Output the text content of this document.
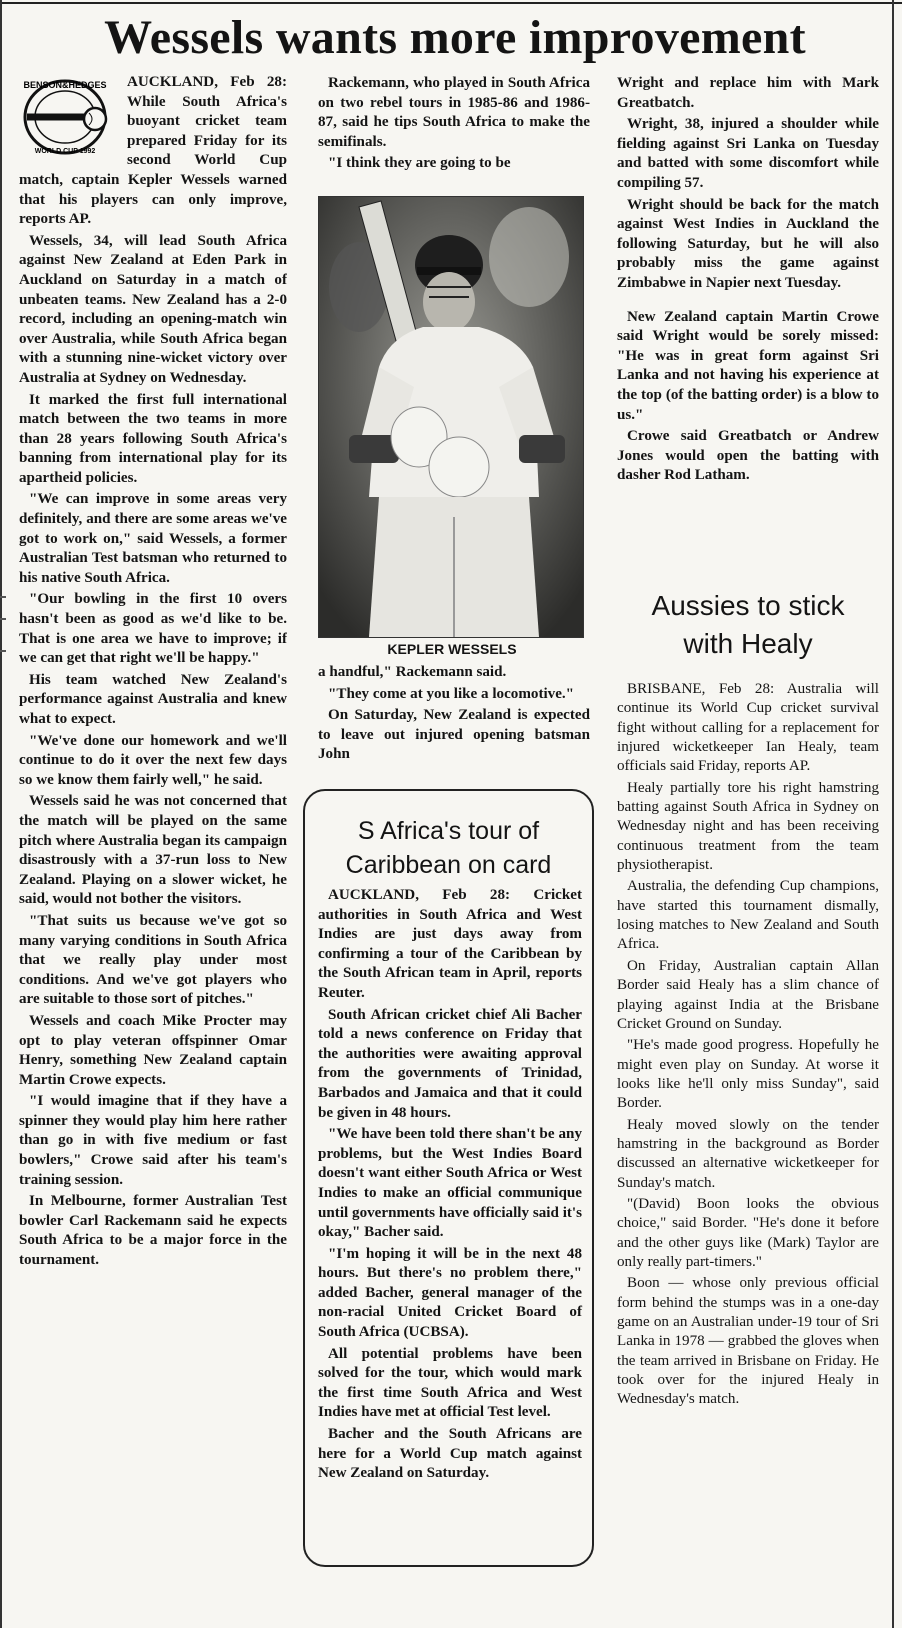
Wessels wants more improvement
BENSON&HEDGES
WORLD CUP 1992

AUCKLAND, Feb 28: While South Africa's buoyant cricket team prepared Friday for its second World Cup match, captain Kepler Wessels warned that his players can only improve, reports AP.

Wessels, 34, will lead South Africa against New Zealand at Eden Park in Auckland on Saturday in a match of unbeaten teams. New Zealand has a 2-0 record, including an opening-match win over Australia, while South Africa began with a stunning nine-wicket victory over Australia at Sydney on Wednesday.

It marked the first full international match between the two teams in more than 28 years following South Africa's banning from international play for its apartheid policies.

"We can improve in some areas very definitely, and there are some areas we've got to work on," said Wessels, a former Australian Test batsman who returned to his native South Africa.

"Our bowling in the first 10 overs hasn't been as good as we'd like to be. That is one area we have to improve; if we can get that right we'll be happy."

His team watched New Zealand's performance against Australia and knew what to expect.

"We've done our homework and we'll continue to do it over the next few days so we know them fairly well," he said.

Wessels said he was not concerned that the match will be played on the same pitch where Australia began its campaign disastrously with a 37-run loss to New Zealand. Playing on a slower wicket, he said, would not bother the visitors.

"That suits us because we've got so many varying conditions in South Africa that we really play under most conditions. And we've got players who are suitable to those sort of pitches."

Wessels and coach Mike Procter may opt to play veteran offspinner Omar Henry, something New Zealand captain Martin Crowe expects.

"I would imagine that if they have a spinner they would play him here rather than go in with five medium or fast bowlers," Crowe said after his team's training session.

In Melbourne, former Australian Test bowler Carl Rackemann said he expects South Africa to be a major force in the tournament.

Rackemann, who played in South Africa on two rebel tours in 1985-86 and 1986-87, said he tips South Africa to make the semifinals.

"I think they are going to be

KEPLER WESSELS

a handful," Rackemann said.

"They come at you like a locomotive."

On Saturday, New Zealand is expected to leave out injured opening batsman John

S Africa's tour of
Caribbean on card

AUCKLAND, Feb 28: Cricket authorities in South Africa and West Indies are just days away from confirming a tour of the Caribbean by the South African team in April, reports Reuter.

South African cricket chief Ali Bacher told a news conference on Friday that the authorities were awaiting approval from the governments of Trinidad, Barbados and Jamaica and that it could be given in 48 hours.

"We have been told there shan't be any problems, but the West Indies Board doesn't want either South Africa or West Indies to make an official communique until governments have officially said it's okay," Bacher said.

"I'm hoping it will be in the next 48 hours. But there's no problem there," added Bacher, general manager of the non-racial United Cricket Board of South Africa (UCBSA).

All potential problems have been solved for the tour, which would mark the first time South Africa and West Indies have met at official Test level.

Bacher and the South Africans are here for a World Cup match against New Zealand on Saturday.

Wright and replace him with Mark Greatbatch.

Wright, 38, injured a shoulder while fielding against Sri Lanka on Tuesday and batted with some discomfort while compiling 57.

Wright should be back for the match against West Indies in Auckland the following Saturday, but he will also probably miss the game against Zimbabwe in Napier next Tuesday.

New Zealand captain Martin Crowe said Wright would be sorely missed: "He was in great form against Sri Lanka and not having his experience at the top (of the batting order) is a blow to us."

Crowe said Greatbatch or Andrew Jones would open the batting with dasher Rod Latham.

Aussies to stick
with Healy

BRISBANE, Feb 28: Australia will continue its World Cup cricket survival fight without calling for a replacement for injured wicketkeeper Ian Healy, team officials said Friday, reports AP.

Healy partially tore his right hamstring batting against South Africa in Sydney on Wednesday night and has been receiving continuous treatment from the team physiotherapist.

Australia, the defending Cup champions, have started this tournament dismally, losing matches to New Zealand and South Africa.

On Friday, Australian captain Allan Border said Healy has a slim chance of playing against India at the Brisbane Cricket Ground on Sunday.

"He's made good progress. Hopefully he might even play on Sunday. At worse it looks like he'll only miss Sunday", said Border.

Healy moved slowly on the tender hamstring in the background as Border discussed an alternative wicketkeeper for Sunday's match.

"(David) Boon looks the obvious choice," said Border. "He's done it before and the other guys like (Mark) Taylor are only really part-timers."

Boon — whose only previous official form behind the stumps was in a one-day game on an Australian under-19 tour of Sri Lanka in 1978 — grabbed the gloves when the team arrived in Brisbane on Friday. He took over for the injured Healy in Wednesday's match.
